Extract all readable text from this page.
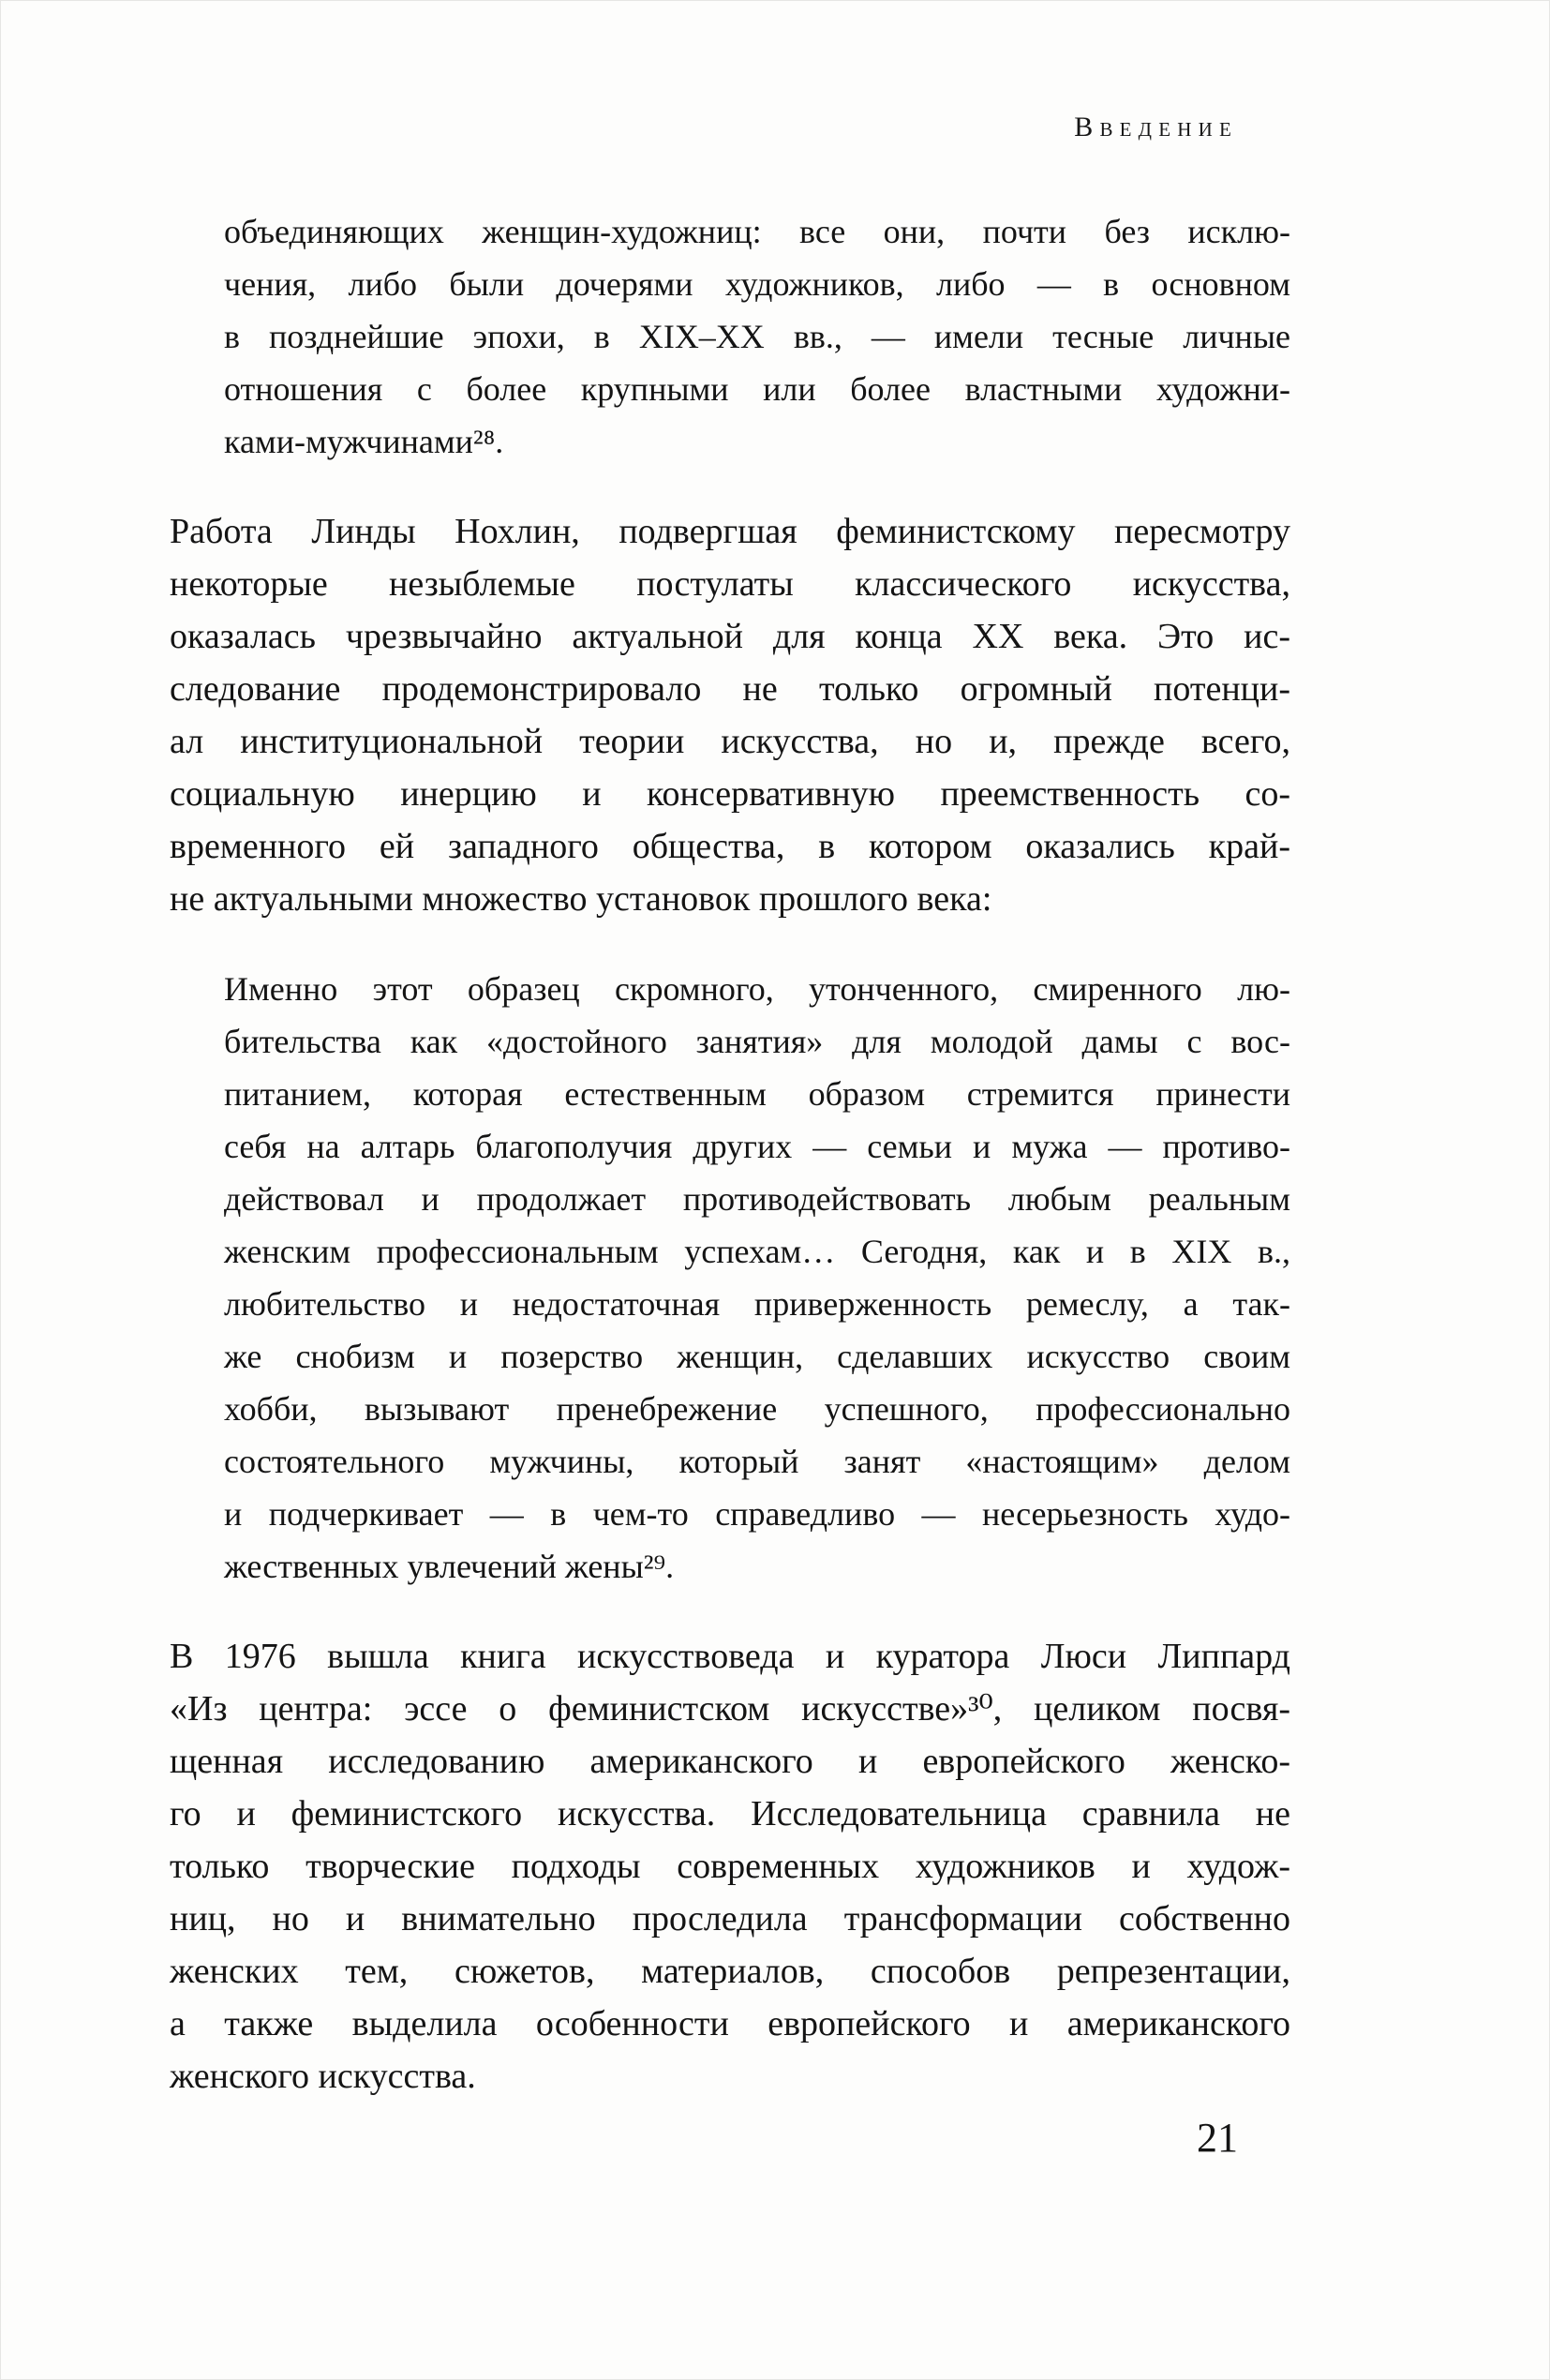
Введение
объединяющих женщин-художниц: все они, почти без исклю-
чения, либо были дочерями художников, либо — в основном
в позднейшие эпохи, в XIX–XX вв., — имели тесные личные
отношения с более крупными или более властными художни-
ками-мужчинами²⁸.
Работа Линды Нохлин, подвергшая феминистскому пересмотру
некоторые незыблемые постулаты классического искусства,
оказалась чрезвычайно актуальной для конца XX века. Это ис-
следование продемонстрировало не только огромный потенци-
ал институциональной теории искусства, но и, прежде всего,
социальную инерцию и консервативную преемственность со-
временного ей западного общества, в котором оказались край-
не актуальными множество установок прошлого века:
Именно этот образец скромного, утонченного, смиренного лю-
бительства как «достойного занятия» для молодой дамы с вос-
питанием, которая естественным образом стремится принести
себя на алтарь благополучия других — семьи и мужа — противо-
действовал и продолжает противодействовать любым реальным
женским профессиональным успехам… Сегодня, как и в XIX в.,
любительство и недостаточная приверженность ремеслу, а так-
же снобизм и позерство женщин, сделавших искусство своим
хобби, вызывают пренебрежение успешного, профессионально
состоятельного мужчины, который занят «настоящим» делом
и подчеркивает — в чем-то справедливо — несерьезность худо-
жественных увлечений жены²⁹.
В 1976 вышла книга искусствоведа и куратора Люси Липпард
«Из центра: эссе о феминистском искусстве»³⁰, целиком посвя-
щенная исследованию американского и европейского женско-
го и феминистского искусства. Исследовательница сравнила не
только творческие подходы современных художников и худож-
ниц, но и внимательно проследила трансформации собственно
женских тем, сюжетов, материалов, способов репрезентации,
а также выделила особенности европейского и американского
женского искусства.
21
